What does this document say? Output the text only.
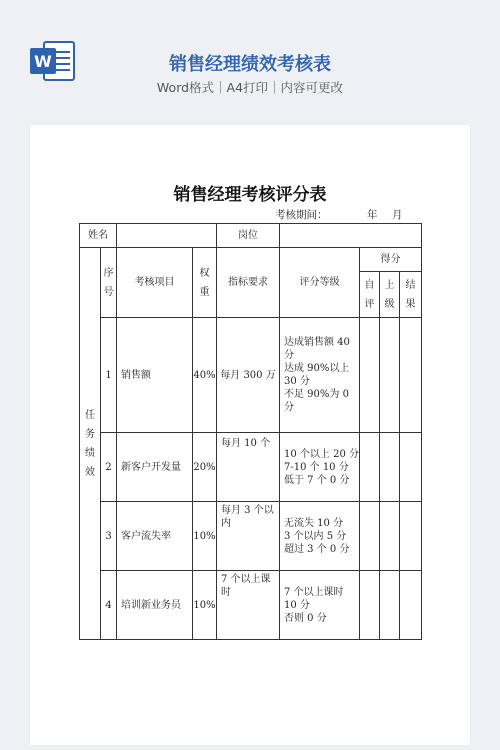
W	销售经理绩效考核表
Word格式｜A4打印｜内容可更改
销售经理考核评分表
考核期间：	年 月
姓名				岗位				
任务绩效	序号	考核项目	权重	指标要求	评分等级	得分		
						自评	上级	结果
	1	销售额	40%	每月 300 万	达成销售额 40 分
达成 90%以上 30 分
不足 90%为 0 分			
	2	新客户开发量	20%	每月 10 个	10 个以上 20 分
7-10 个 10 分
低于 7 个 0 分			
	3	客户流失率	10%	每月 3 个以内	无流失 10 分
3 个以内 5 分
超过 3 个 0 分			
	4	培训新业务员	10%	7 个以上课时	7 个以上课时 10 分
否则 0 分			
